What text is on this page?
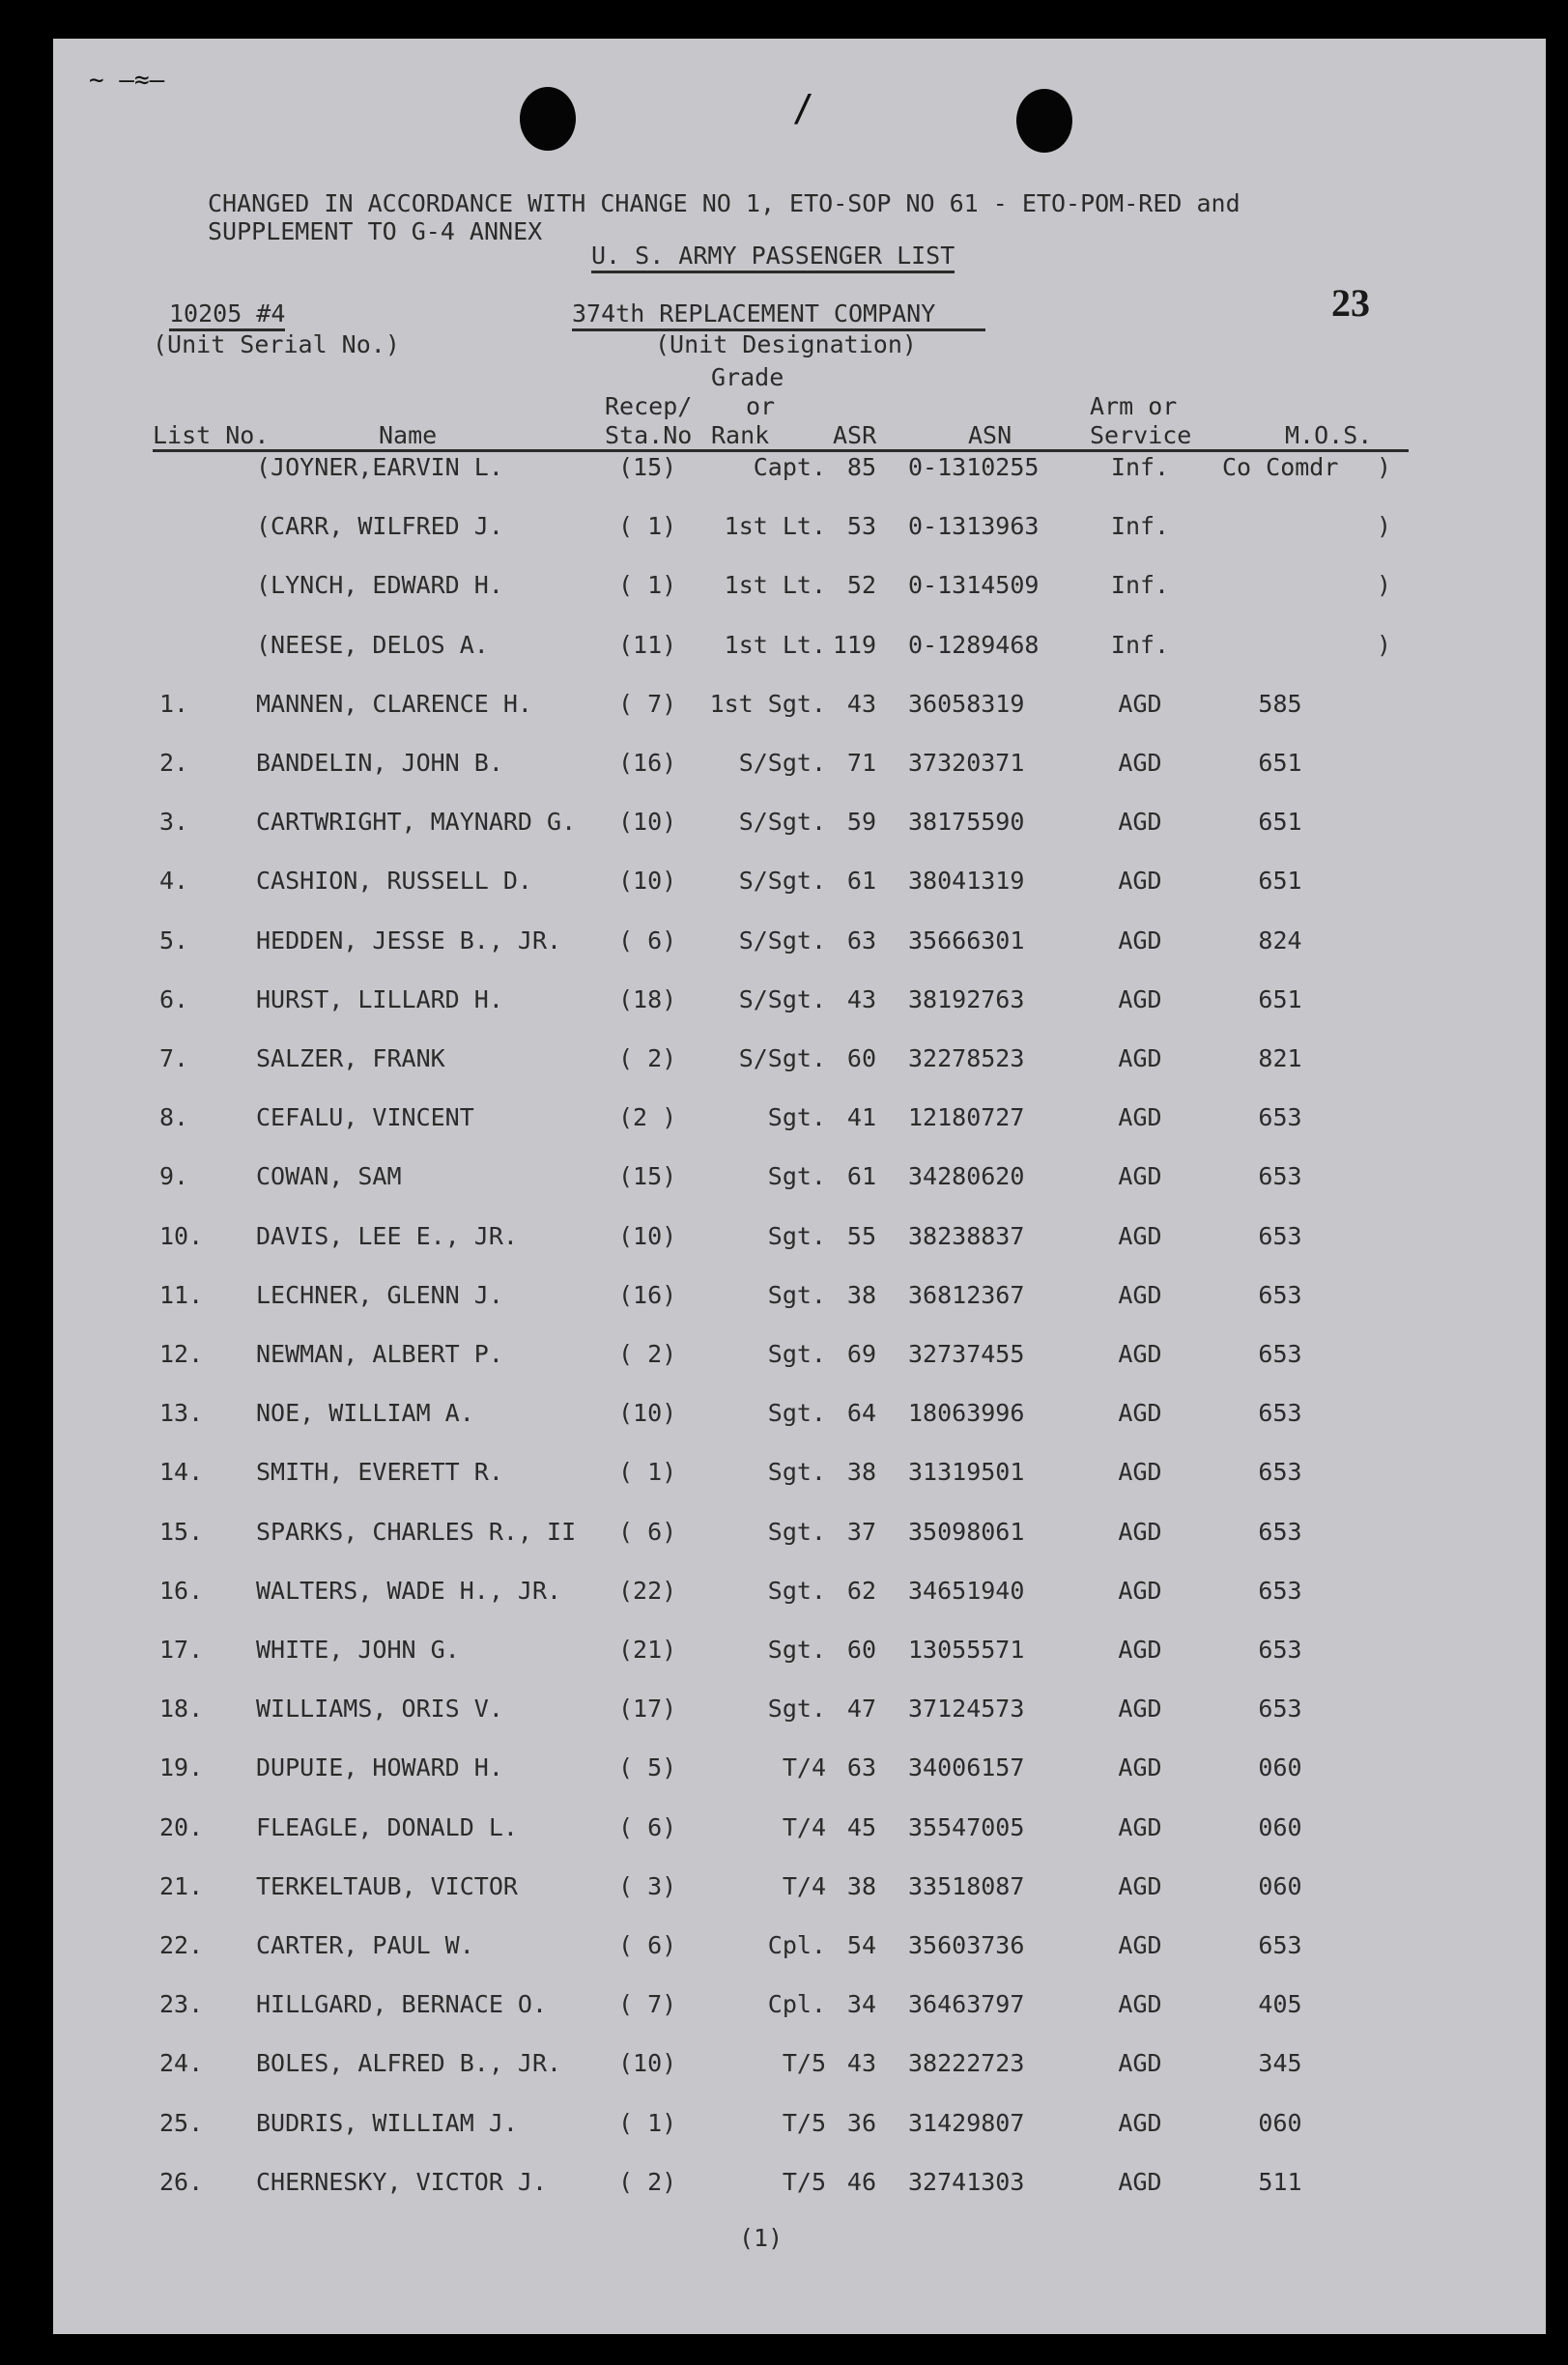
~ –≈–
/
CHANGED IN ACCORDANCE WITH CHANGE NO 1, ETO-SOP NO 61 - ETO-POM-RED and
SUPPLEMENT TO G-4 ANNEX
U. S. ARMY PASSENGER LIST
23
10205 #4
(Unit Serial No.)
374th REPLACEMENT COMPANY
(Unit Designation)
Grade
Recep/ or	Arm or
List No.	Name	Sta.No Rank	ASR	ASN	Service	M.O.S.
(JOYNER,EARVIN L.	(15)	Capt. 85 0-1310255	Inf.	Co Comdr )
(CARR, WILFRED J.	( 1)	1st Lt. 53 0-1313963	Inf.	)
(LYNCH, EDWARD H.	( 1)	1st Lt. 52 0-1314509	Inf.	)
(NEESE, DELOS A.	(11)	1st Lt. 119 0-1289468	Inf.	)
1.	MANNEN, CLARENCE H.	( 7)	1st Sgt. 43 36058319	AGD	585
2.	BANDELIN, JOHN B.	(16)	S/Sgt. 71 37320371	AGD	651
3.	CARTWRIGHT, MAYNARD G. (10)	S/Sgt. 59 38175590	AGD	651
4.	CASHION, RUSSELL D.	(10)	S/Sgt. 61 38041319	AGD	651
5.	HEDDEN, JESSE B., JR. ( 6)	S/Sgt. 63 35666301	AGD	824
6.	HURST, LILLARD H.	(18)	S/Sgt. 43 38192763	AGD	651
7.	SALZER, FRANK	( 2)	S/Sgt. 60 32278523	AGD	821
8.	CEFALU, VINCENT	(2 )	Sgt. 41 12180727	AGD	653
9.	COWAN, SAM	(15)	Sgt. 61 34280620	AGD	653
10. DAVIS, LEE E., JR.	(10)	Sgt. 55 38238837	AGD	653
11. LECHNER, GLENN J.	(16)	Sgt. 38 36812367	AGD	653
12. NEWMAN, ALBERT P.	( 2)	Sgt. 69 32737455	AGD	653
13. NOE, WILLIAM A.	(10)	Sgt. 64 18063996	AGD	653
14. SMITH, EVERETT R.	( 1)	Sgt. 38 31319501	AGD	653
15. SPARKS, CHARLES R., II ( 6)	Sgt. 37 35098061	AGD	653
16. WALTERS, WADE H., JR. (22)	Sgt. 62 34651940	AGD	653
17. WHITE, JOHN G.	(21)	Sgt. 60 13055571	AGD	653
18. WILLIAMS, ORIS V.	(17)	Sgt. 47 37124573	AGD	653
19. DUPUIE, HOWARD H.	( 5)	T/4 63 34006157	AGD	060
20. FLEAGLE, DONALD L.	( 6)	T/4 45 35547005	AGD	060
21. TERKELTAUB, VICTOR	( 3)	T/4 38 33518087	AGD	060
22. CARTER, PAUL W.	( 6)	Cpl. 54 35603736	AGD	653
23. HILLGARD, BERNACE O.	( 7)	Cpl. 34 36463797	AGD	405
24. BOLES, ALFRED B., JR. (10)	T/5 43 38222723	AGD	345
25. BUDRIS, WILLIAM J.	( 1)	T/5 36 31429807	AGD	060
26. CHERNESKY, VICTOR J.	( 2)	T/5 46 32741303	AGD	511
(1)
